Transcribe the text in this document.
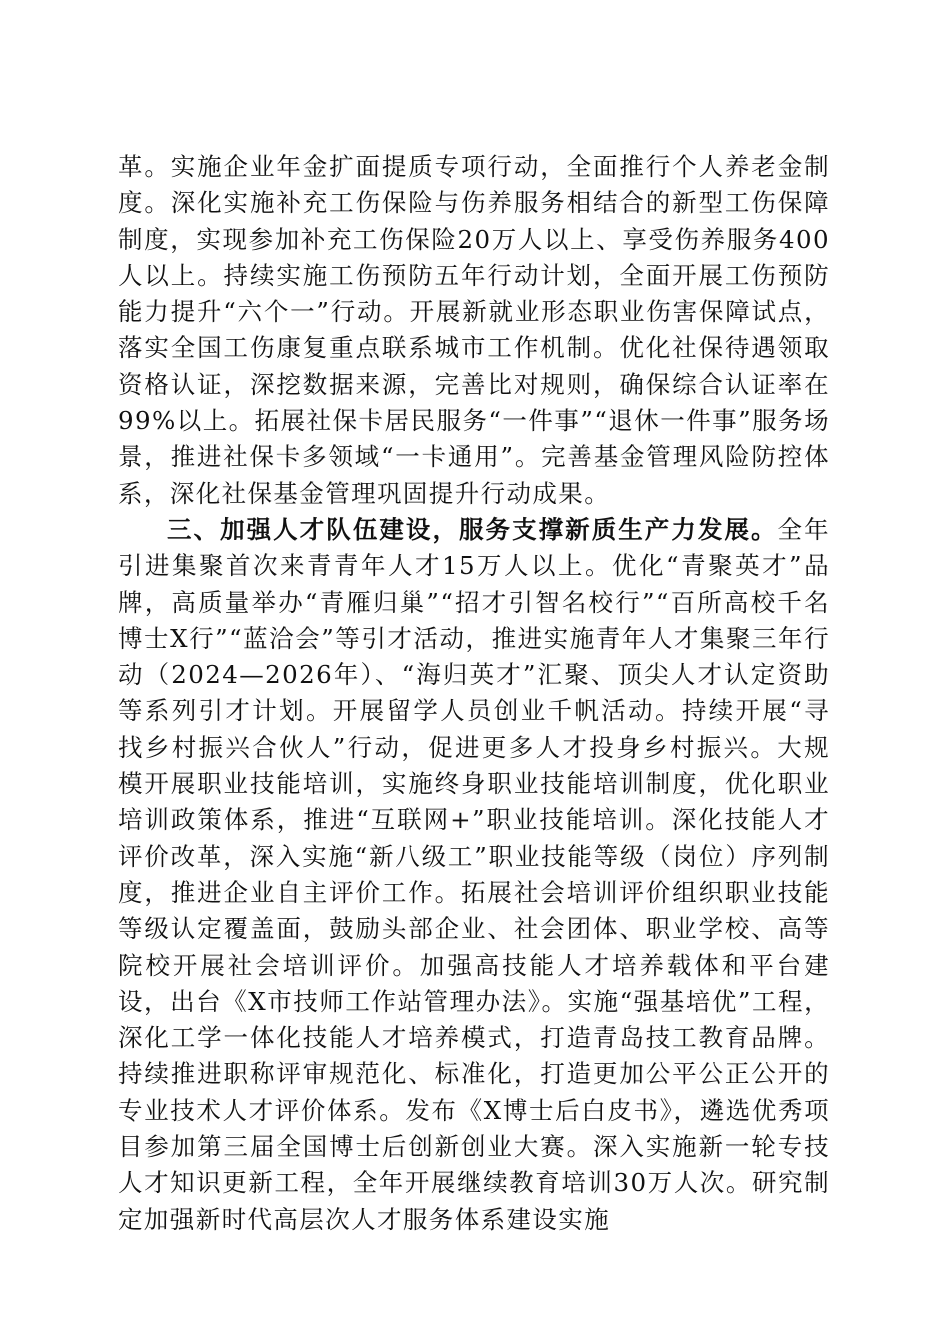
革。实施企业年金扩面提质专项行动，全面推行个人养老金制度。深化实施补充工伤保险与伤养服务相结合的新型工伤保障制度，实现参加补充工伤保险20万人以上、享受伤养服务400人以上。持续实施工伤预防五年行动计划，全面开展工伤预防能力提升“六个一”行动。开展新就业形态职业伤害保障试点，落实全国工伤康复重点联系城市工作机制。优化社保待遇领取资格认证，深挖数据来源，完善比对规则，确保综合认证率在99%以上。拓展社保卡居民服务“一件事”“退休一件事”服务场景，推进社保卡多领域“一卡通用”。完善基金管理风险防控体系，深化社保基金管理巩固提升行动成果。

三、加强人才队伍建设，服务支撑新质生产力发展。全年引进集聚首次来青青年人才15万人以上。优化“青聚英才”品牌，高质量举办“青雁归巢”“招才引智名校行”“百所高校千名博士X行”“蓝洽会”等引才活动，推进实施青年人才集聚三年行动（2024—2026年）、“海归英才”汇聚、顶尖人才认定资助等系列引才计划。开展留学人员创业千帆活动。持续开展“寻找乡村振兴合伙人”行动，促进更多人才投身乡村振兴。大规模开展职业技能培训，实施终身职业技能培训制度，优化职业培训政策体系，推进“互联网+”职业技能培训。深化技能人才评价改革，深入实施“新八级工”职业技能等级（岗位）序列制度，推进企业自主评价工作。拓展社会培训评价组织职业技能等级认定覆盖面，鼓励头部企业、社会团体、职业学校、高等院校开展社会培训评价。加强高技能人才培养载体和平台建设，出台《X市技师工作站管理办法》。实施“强基培优”工程，深化工学一体化技能人才培养模式，打造青岛技工教育品牌。持续推进职称评审规范化、标准化，打造更加公平公正公开的专业技术人才评价体系。发布《X博士后白皮书》，遴选优秀项目参加第三届全国博士后创新创业大赛。深入实施新一轮专技人才知识更新工程，全年开展继续教育培训30万人次。研究制定加强新时代高层次人才服务体系建设实施
